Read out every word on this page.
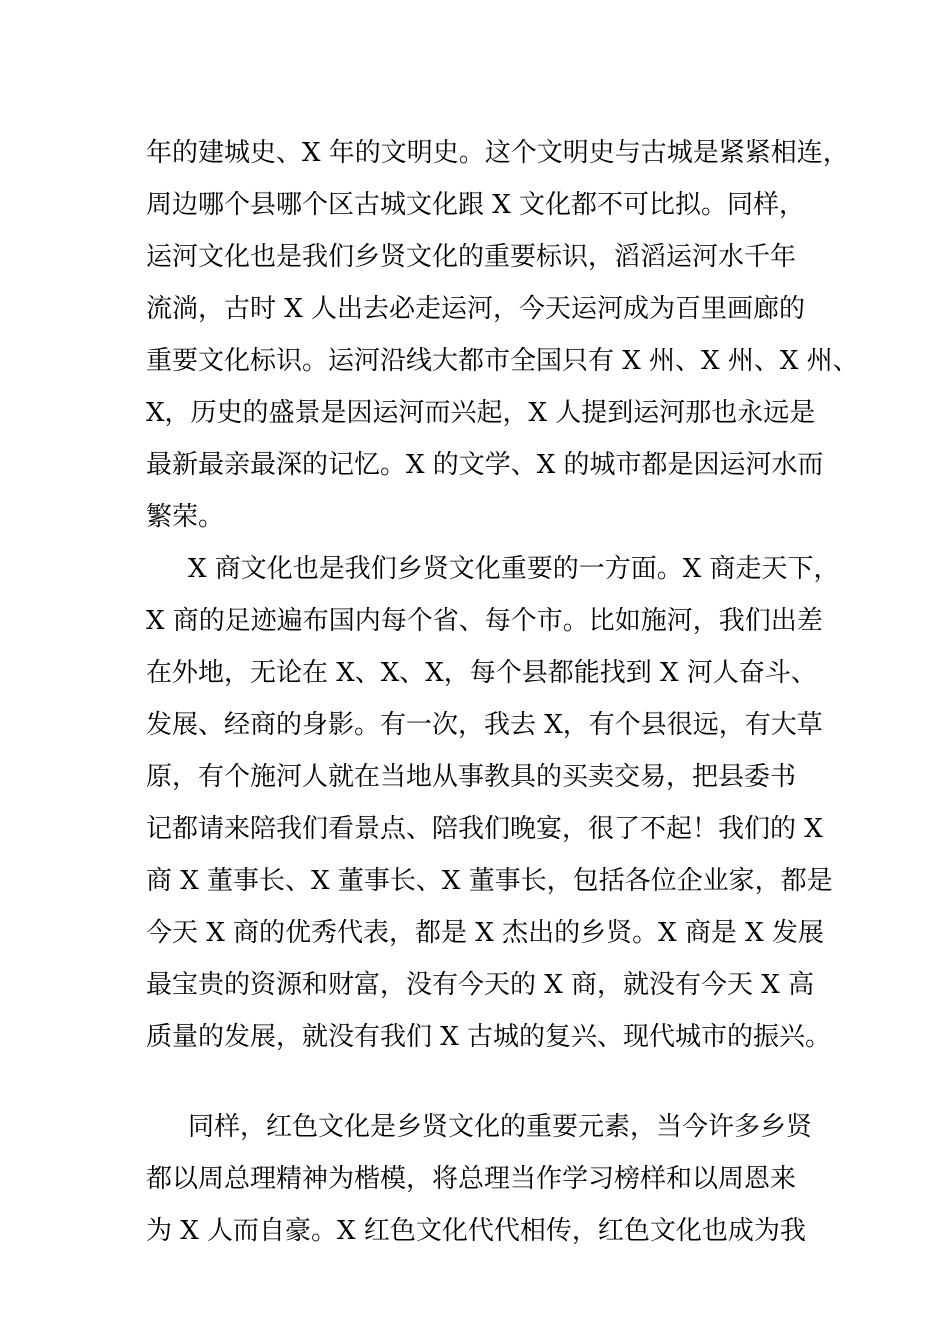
年的建城史、X 年的文明史。这个文明史与古城是紧紧相连，
周边哪个县哪个区古城文化跟 X 文化都不可比拟。同样，
运河文化也是我们乡贤文化的重要标识，滔滔运河水千年
流淌，古时 X 人出去必走运河，今天运河成为百里画廊的
重要文化标识。运河沿线大都市全国只有 X 州、X 州、X 州、
X，历史的盛景是因运河而兴起，X 人提到运河那也永远是
最新最亲最深的记忆。X 的文学、X 的城市都是因运河水而
繁荣。
X 商文化也是我们乡贤文化重要的一方面。X 商走天下，
X 商的足迹遍布国内每个省、每个市。比如施河，我们出差
在外地，无论在 X、X、X，每个县都能找到 X 河人奋斗、
发展、经商的身影。有一次，我去 X，有个县很远，有大草
原，有个施河人就在当地从事教具的买卖交易，把县委书
记都请来陪我们看景点、陪我们晚宴，很了不起！我们的 X
商 X 董事长、X 董事长、X 董事长，包括各位企业家，都是
今天 X 商的优秀代表，都是 X 杰出的乡贤。X 商是 X 发展
最宝贵的资源和财富，没有今天的 X 商，就没有今天 X 高
质量的发展，就没有我们 X 古城的复兴、现代城市的振兴。
同样，红色文化是乡贤文化的重要元素，当今许多乡贤
都以周总理精神为楷模，将总理当作学习榜样和以周恩来
为 X 人而自豪。X 红色文化代代相传，红色文化也成为我
